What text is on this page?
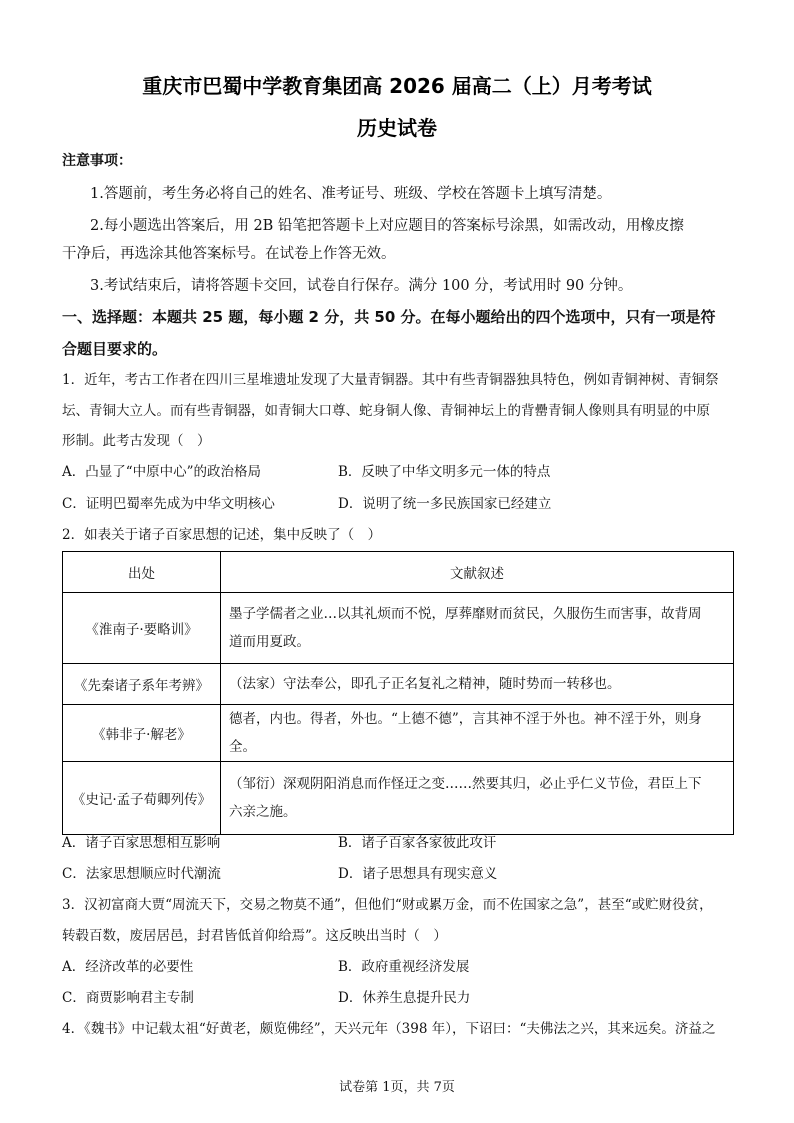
重庆市巴蜀中学教育集团高 2026 届高二（上）月考考试
历史试卷
注意事项：
1.答题前，考生务必将自己的姓名、准考证号、班级、学校在答题卡上填写清楚。
2.每小题选出答案后，用 2B 铅笔把答题卡上对应题目的答案标号涂黑，如需改动，用橡皮擦
干净后，再选涂其他答案标号。在试卷上作答无效。
3.考试结束后，请将答题卡交回，试卷自行保存。满分 100 分，考试用时 90 分钟。
一、选择题：本题共 25 题，每小题 2 分，共 50 分。在每小题给出的四个选项中，只有一项是符
合题目要求的。
1．近年，考古工作者在四川三星堆遗址发现了大量青铜器。其中有些青铜器独具特色，例如青铜神树、青铜祭
坛、青铜大立人。而有些青铜器，如青铜大口尊、蛇身铜人像、青铜神坛上的背罍青铜人像则具有明显的中原
形制。此考古发现（　）
A．凸显了“中原中心”的政治格局	B．反映了中华文明多元一体的特点
C．证明巴蜀率先成为中华文明核心	D．说明了统一多民族国家已经建立
2．如表关于诸子百家思想的记述，集中反映了（　）
出处	文献叙述
《淮南子·要略训》	墨子学儒者之业…以其礼烦而不悦，厚葬靡财而贫民，久服伤生而害事，故背周
道而用夏政。

《先秦诸子系年考辨》	（法家）守法奉公，即孔子正名复礼之精神，随时势而一转移也。

《韩非子·解老》	德者，内也。得者，外也。“上德不德”，言其神不淫于外也。神不淫于外，则身全。

《史记·孟子荀卿列传》	（邹衍）深观阴阳消息而作怪迂之变……然要其归，必止乎仁义节俭，君臣上下
六亲之施。
A．诸子百家思想相互影响	B．诸子百家各家彼此攻讦
C．法家思想顺应时代潮流	D．诸子思想具有现实意义
3．汉初富商大贾“周流天下，交易之物莫不通”，但他们“财或累万金，而不佐国家之急”，甚至“或贮财役贫，
转毂百数，废居居邑，封君皆低首仰给焉”。这反映出当时（　）
A．经济改革的必要性	B．政府重视经济发展
C．商贾影响君主专制	D．休养生息提升民力
4．《魏书》中记载太祖“好黄老，颇览佛经”，天兴元年（398 年），下诏曰：“夫佛法之兴，其来远矣。济益之
试卷第 1页，共 7页
